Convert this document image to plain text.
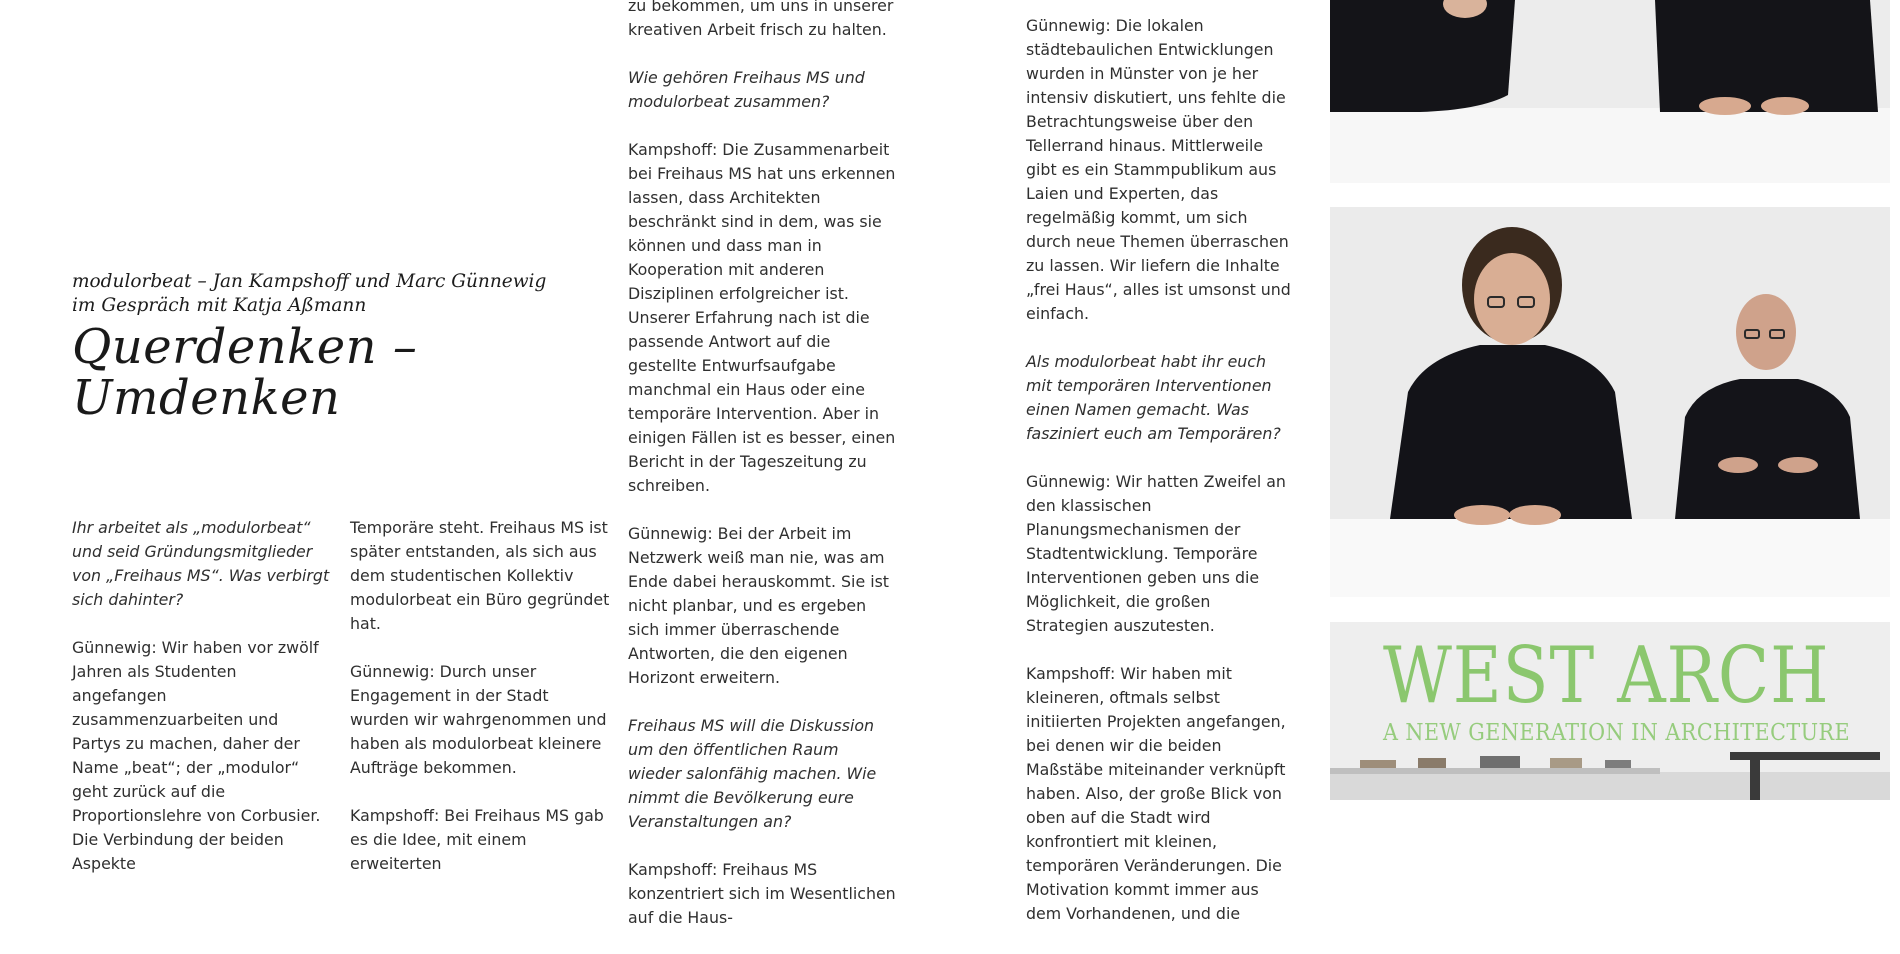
modulorbeat – Jan Kampshoff und Marc Günnewig
im Gespräch mit Katja Aßmann
Querdenken –
Umdenken

Ihr arbeitet als „modulorbeat“ und seid Gründungsmitglieder von „Freihaus MS“. Was verbirgt sich dahinter?

Günnewig: Wir haben vor zwölf Jahren als Studenten angefangen zusammenzuarbeiten und Partys zu machen, daher der Name „beat“; der „modulor“ geht zurück auf die Proportionslehre von Corbusier. Die Verbindung der beiden Aspekte

Temporäre steht. Freihaus MS ist später entstanden, als sich aus dem studentischen Kollektiv modulorbeat ein Büro gegründet hat.

Günnewig: Durch unser Engagement in der Stadt wurden wir wahrgenommen und haben als modulorbeat kleinere Aufträge bekommen.

Kampshoff: Bei Freihaus MS gab es die Idee, mit einem erweiterten

zu bekommen, um uns in unserer kreativen Arbeit frisch zu halten.

Wie gehören Freihaus MS und modulorbeat zusammen?

Kampshoff: Die Zusammenarbeit bei Freihaus MS hat uns erkennen lassen, dass Architekten beschränkt sind in dem, was sie können und dass man in Kooperation mit anderen Disziplinen erfolgreicher ist. Unserer Erfahrung nach ist die passende Antwort auf die gestellte Entwurfsaufgabe manchmal ein Haus oder eine temporäre Intervention. Aber in einigen Fällen ist es besser, einen Bericht in der Tageszeitung zu schreiben.

Günnewig: Bei der Arbeit im Netzwerk weiß man nie, was am Ende dabei herauskommt. Sie ist nicht planbar, und es ergeben sich immer überraschende Antworten, die den eigenen Horizont erweitern.

Freihaus MS will die Diskussion um den öffentlichen Raum wieder salonfähig machen. Wie nimmt die Bevölkerung eure Veranstaltungen an?

Kampshoff: Freihaus MS konzentriert sich im Wesentlichen auf die Haus-

Günnewig: Die lokalen städtebaulichen Entwicklungen wurden in Münster von je her intensiv diskutiert, uns fehlte die Betrachtungsweise über den Tellerrand hinaus. Mittlerweile gibt es ein Stammpublikum aus Laien und Experten, das regelmäßig kommt, um sich durch neue Themen überraschen zu lassen. Wir liefern die Inhalte „frei Haus“, alles ist umsonst und einfach.

Als modulorbeat habt ihr euch mit temporären Interventionen einen Namen gemacht. Was fasziniert euch am Temporären?

Günnewig: Wir hatten Zweifel an den klassischen Planungsmechanismen der Stadtentwicklung. Temporäre Interventionen geben uns die Möglichkeit, die großen Strategien auszutesten.

Kampshoff: Wir haben mit kleineren, oftmals selbst initiierten Projekten angefangen, bei denen wir die beiden Maßstäbe miteinander verknüpft haben. Also, der große Blick von oben auf die Stadt wird konfrontiert mit kleinen, temporären Veränderungen. Die Motivation kommt immer aus dem Vorhandenen, und die

WEST ARCH
A NEW GENERATION IN ARCHITECTURE
